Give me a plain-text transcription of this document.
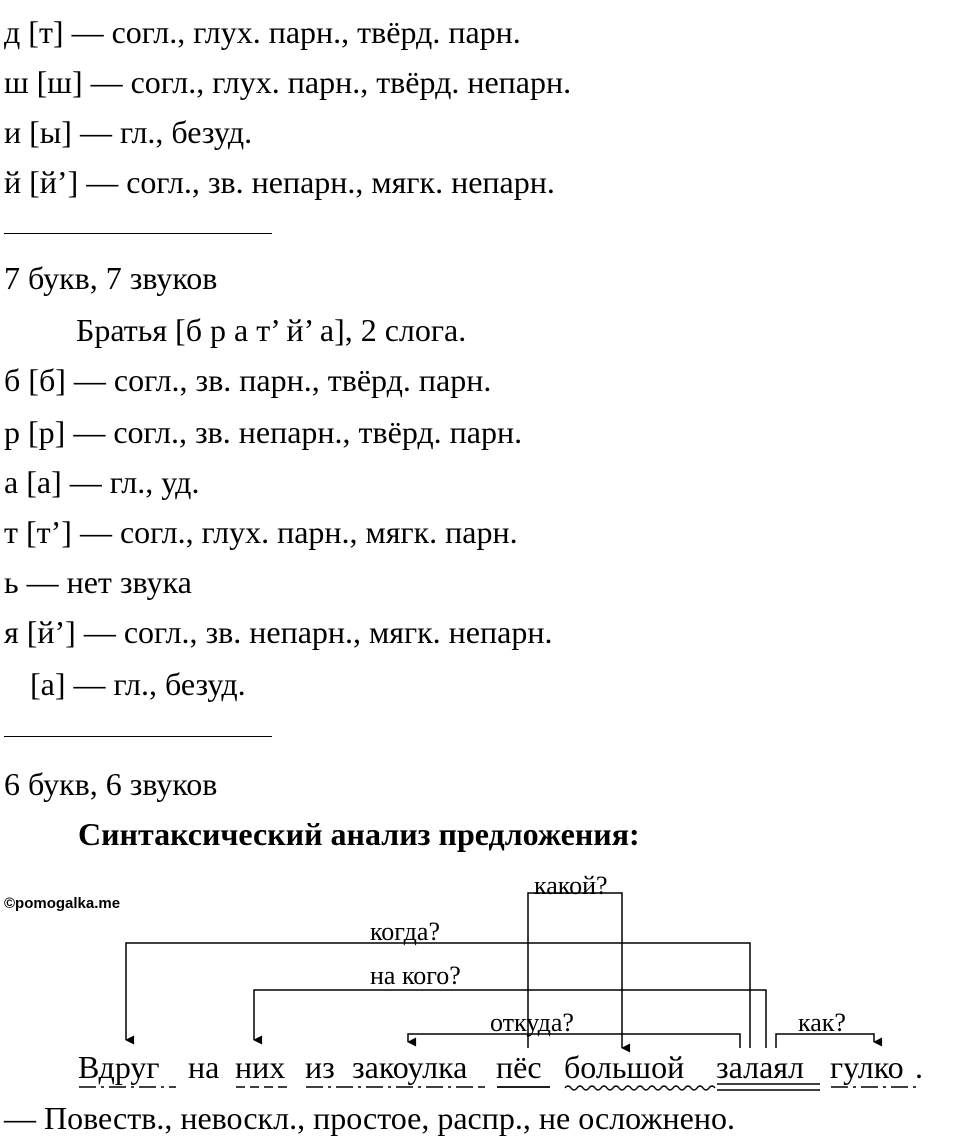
д [т] — согл., глух. парн., твёрд. парн.
ш [ш] — согл., глух. парн., твёрд. непарн.
и [ы] — гл., безуд.
й [й’] — согл., зв. непарн., мягк. непарн.
7 букв, 7 звуков
Братья [б р а т’ й’ а], 2 слога.
б [б] — согл., зв. парн., твёрд. парн.
р [р] — согл., зв. непарн., твёрд. парн.
а [а] — гл., уд.
т [т’] — согл., глух. парн., мягк. парн.
ь — нет звука
я [й’] — согл., зв. непарн., мягк. непарн.
[а] — гл., безуд.
6 букв, 6 звуков
Синтаксический анализ предложения:
©pomogalka.me
Вдруг на них из закоулка пёс большой залаял гулко .
какой?
когда?
на кого?
откуда?	как?
— Повеств., невоскл., простое, распр., не осложнено.
